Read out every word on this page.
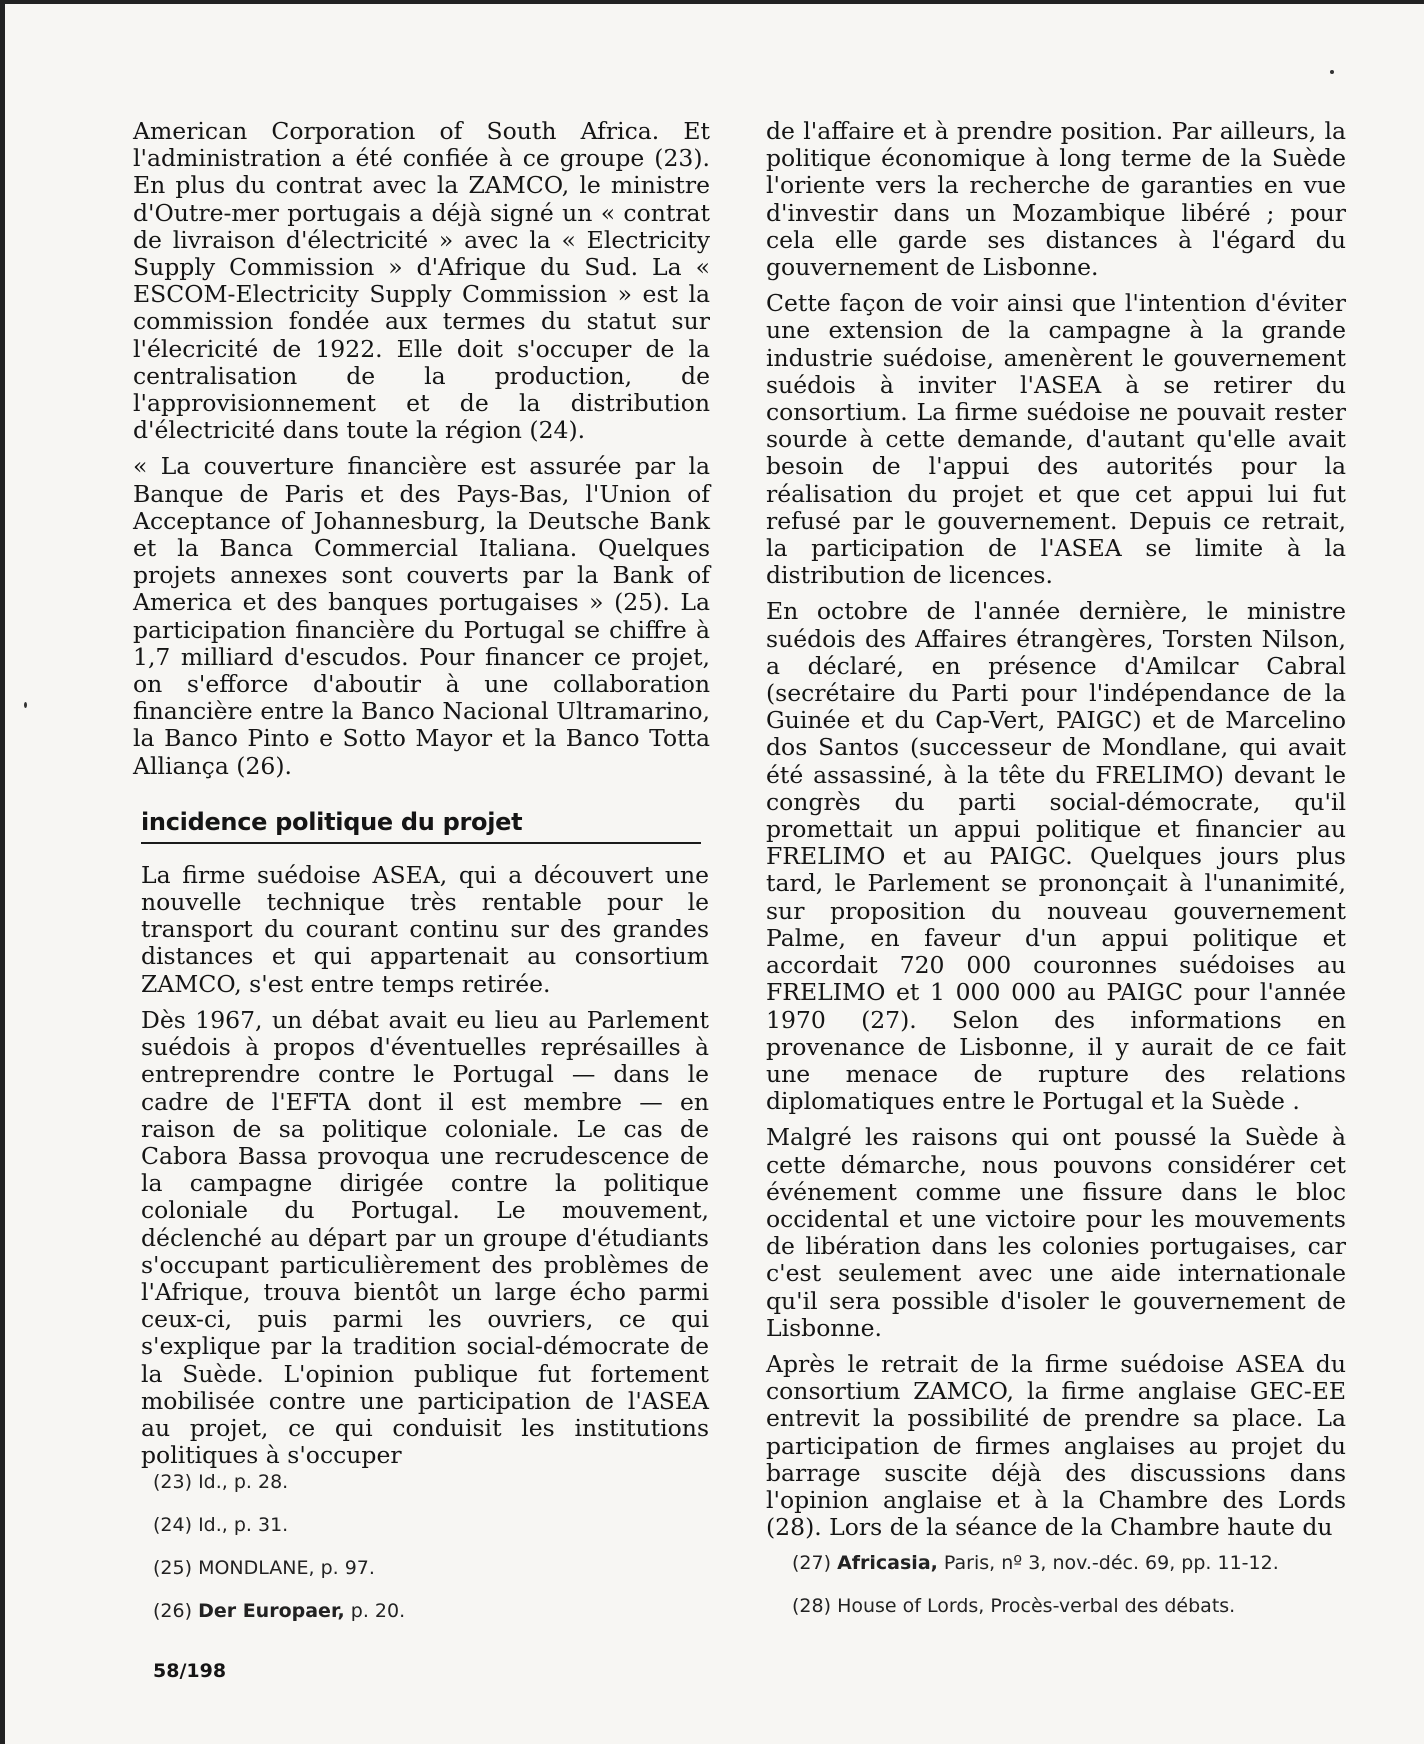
American Corporation of South Africa. Et l'administration a été confiée à ce groupe (23). En plus du contrat avec la ZAMCO, le ministre d'Outre-mer portugais a déjà signé un « contrat de livraison d'électricité » avec la « Electricity Supply Commission » d'Afrique du Sud. La « ESCOM-Electricity Supply Commission » est la commission fondée aux termes du statut sur l'élecricité de 1922. Elle doit s'occuper de la centralisation de la production, de l'approvisionnement et de la distribution d'électricité dans toute la région (24).

« La couverture financière est assurée par la Banque de Paris et des Pays-Bas, l'Union of Acceptance of Johannesburg, la Deutsche Bank et la Banca Commercial Italiana. Quelques projets annexes sont couverts par la Bank of America et des banques portugaises » (25). La participation financière du Portugal se chiffre à 1,7 milliard d'escudos. Pour financer ce projet, on s'efforce d'aboutir à une collaboration financière entre la Banco Nacional Ultramarino, la Banco Pinto e Sotto Mayor et la Banco Totta Alliança (26).

incidence politique du projet

La firme suédoise ASEA, qui a découvert une nouvelle technique très rentable pour le transport du courant continu sur des grandes distances et qui appartenait au consortium ZAMCO, s'est entre temps retirée.

Dès 1967, un débat avait eu lieu au Parlement suédois à propos d'éventuelles représailles à entreprendre contre le Portugal — dans le cadre de l'EFTA dont il est membre — en raison de sa politique coloniale. Le cas de Cabora Bassa provoqua une recrudescence de la campagne dirigée contre la politique coloniale du Portugal. Le mouvement, déclenché au départ par un groupe d'étudiants s'occupant particulièrement des problèmes de l'Afrique, trouva bientôt un large écho parmi ceux-ci, puis parmi les ouvriers, ce qui s'explique par la tradition social-démocrate de la Suède. L'opinion publique fut fortement mobilisée contre une participation de l'ASEA au projet, ce qui conduisit les institutions politiques à s'occuper

de l'affaire et à prendre position. Par ailleurs, la politique économique à long terme de la Suède l'oriente vers la recherche de garanties en vue d'investir dans un Mozambique libéré ; pour cela elle garde ses distances à l'égard du gouvernement de Lisbonne.

Cette façon de voir ainsi que l'intention d'éviter une extension de la campagne à la grande industrie suédoise, amenèrent le gouvernement suédois à inviter l'ASEA à se retirer du consortium. La firme suédoise ne pouvait rester sourde à cette demande, d'autant qu'elle avait besoin de l'appui des autorités pour la réalisation du projet et que cet appui lui fut refusé par le gouvernement. Depuis ce retrait, la participation de l'ASEA se limite à la distribution de licences.

En octobre de l'année dernière, le ministre suédois des Affaires étrangères, Torsten Nilson, a déclaré, en présence d'Amilcar Cabral (secrétaire du Parti pour l'indépendance de la Guinée et du Cap-Vert, PAIGC) et de Marcelino dos Santos (successeur de Mondlane, qui avait été assassiné, à la tête du FRELIMO) devant le congrès du parti social-démocrate, qu'il promettait un appui politique et financier au FRELIMO et au PAIGC. Quelques jours plus tard, le Parlement se prononçait à l'unanimité, sur proposition du nouveau gouvernement Palme, en faveur d'un appui politique et accordait 720 000 couronnes suédoises au FRELIMO et 1 000 000 au PAIGC pour l'année 1970 (27). Selon des informations en provenance de Lisbonne, il y aurait de ce fait une menace de rupture des relations diplomatiques entre le Portugal et la Suède .

Malgré les raisons qui ont poussé la Suède à cette démarche, nous pouvons considérer cet événement comme une fissure dans le bloc occidental et une victoire pour les mouvements de libération dans les colonies portugaises, car c'est seulement avec une aide internationale qu'il sera possible d'isoler le gouvernement de Lisbonne.

Après le retrait de la firme suédoise ASEA du consortium ZAMCO, la firme anglaise GEC-EE entrevit la possibilité de prendre sa place. La participation de firmes anglaises au projet du barrage suscite déjà des discussions dans l'opinion anglaise et à la Chambre des Lords (28). Lors de la séance de la Chambre haute du

(23) Id., p. 28.
(24) Id., p. 31.
(25) MONDLANE, p. 97.
(26) Der Europaer, p. 20.
(27) Africasia, Paris, nº 3, nov.-déc. 69, pp. 11-12.
(28) House of Lords, Procès-verbal des débats.
58/198
